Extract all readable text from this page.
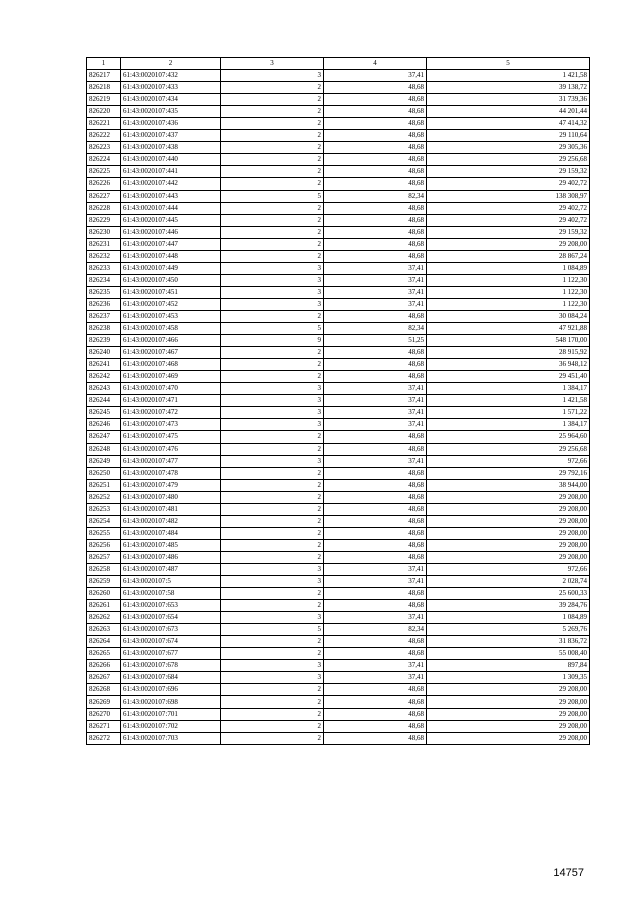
1	2	3	4	5
826217	61:43:0020107:432	3	37,41	1 421,58
826218	61:43:0020107:433	2	48,68	39 138,72
826219	61:43:0020107:434	2	48,68	31 739,36
826220	61:43:0020107:435	2	48,68	44 201,44
826221	61:43:0020107:436	2	48,68	47 414,32
826222	61:43:0020107:437	2	48,68	29 110,64
826223	61:43:0020107:438	2	48,68	29 305,36
826224	61:43:0020107:440	2	48,68	29 256,68
826225	61:43:0020107:441	2	48,68	29 159,32
826226	61:43:0020107:442	2	48,68	29 402,72
826227	61:43:0020107:443	5	82,34	138 308,97
826228	61:43:0020107:444	2	48,68	29 402,72
826229	61:43:0020107:445	2	48,68	29 402,72
826230	61:43:0020107:446	2	48,68	29 159,32
826231	61:43:0020107:447	2	48,68	29 208,00
826232	61:43:0020107:448	2	48,68	28 867,24
826233	61:43:0020107:449	3	37,41	1 084,89
826234	61:43:0020107:450	3	37,41	1 122,30
826235	61:43:0020107:451	3	37,41	1 122,30
826236	61:43:0020107:452	3	37,41	1 122,30
826237	61:43:0020107:453	2	48,68	30 084,24
826238	61:43:0020107:458	5	82,34	47 921,88
826239	61:43:0020107:466	9	51,25	548 170,00
826240	61:43:0020107:467	2	48,68	28 915,92
826241	61:43:0020107:468	2	48,68	36 948,12
826242	61:43:0020107:469	2	48,68	29 451,40
826243	61:43:0020107:470	3	37,41	1 384,17
826244	61:43:0020107:471	3	37,41	1 421,58
826245	61:43:0020107:472	3	37,41	1 571,22
826246	61:43:0020107:473	3	37,41	1 384,17
826247	61:43:0020107:475	2	48,68	25 964,60
826248	61:43:0020107:476	2	48,68	29 256,68
826249	61:43:0020107:477	3	37,41	972,66
826250	61:43:0020107:478	2	48,68	29 792,16
826251	61:43:0020107:479	2	48,68	38 944,00
826252	61:43:0020107:480	2	48,68	29 208,00
826253	61:43:0020107:481	2	48,68	29 208,00
826254	61:43:0020107:482	2	48,68	29 208,00
826255	61:43:0020107:484	2	48,68	29 208,00
826256	61:43:0020107:485	2	48,68	29 208,00
826257	61:43:0020107:486	2	48,68	29 208,00
826258	61:43:0020107:487	3	37,41	972,66
826259	61:43:0020107:5	3	37,41	2 028,74
826260	61:43:0020107:58	2	48,68	25 600,33
826261	61:43:0020107:653	2	48,68	39 284,76
826262	61:43:0020107:654	3	37,41	1 084,89
826263	61:43:0020107:673	5	82,34	5 269,76
826264	61:43:0020107:674	2	48,68	31 836,72
826265	61:43:0020107:677	2	48,68	55 008,40
826266	61:43:0020107:678	3	37,41	897,84
826267	61:43:0020107:684	3	37,41	1 309,35
826268	61:43:0020107:696	2	48,68	29 208,00
826269	61:43:0020107:698	2	48,68	29 208,00
826270	61:43:0020107:701	2	48,68	29 208,00
826271	61:43:0020107:702	2	48,68	29 208,00
826272	61:43:0020107:703	2	48,68	29 208,00
14757
